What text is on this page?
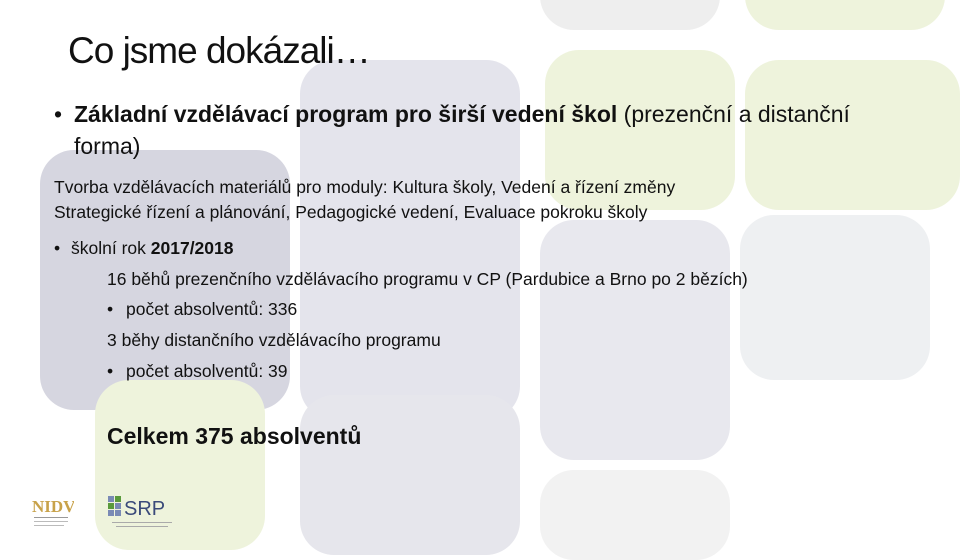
Co jsme dokázali…
• Základní vzdělávací program pro širší vedení škol (prezenční a distanční forma)
Tvorba vzdělávacích materiálů pro moduly: Kultura školy, Vedení a řízení změny
Strategické řízení a plánování, Pedagogické vedení, Evaluace pokroku školy
• školní rok 2017/2018
16 běhů prezenčního vzdělávacího programu v CP (Pardubice a Brno po 2 bězích)
• počet absolventů: 336
3 běhy distančního vzdělávacího programu
• počet absolventů: 39
Celkem 375 absolventů
NIDV SRP
